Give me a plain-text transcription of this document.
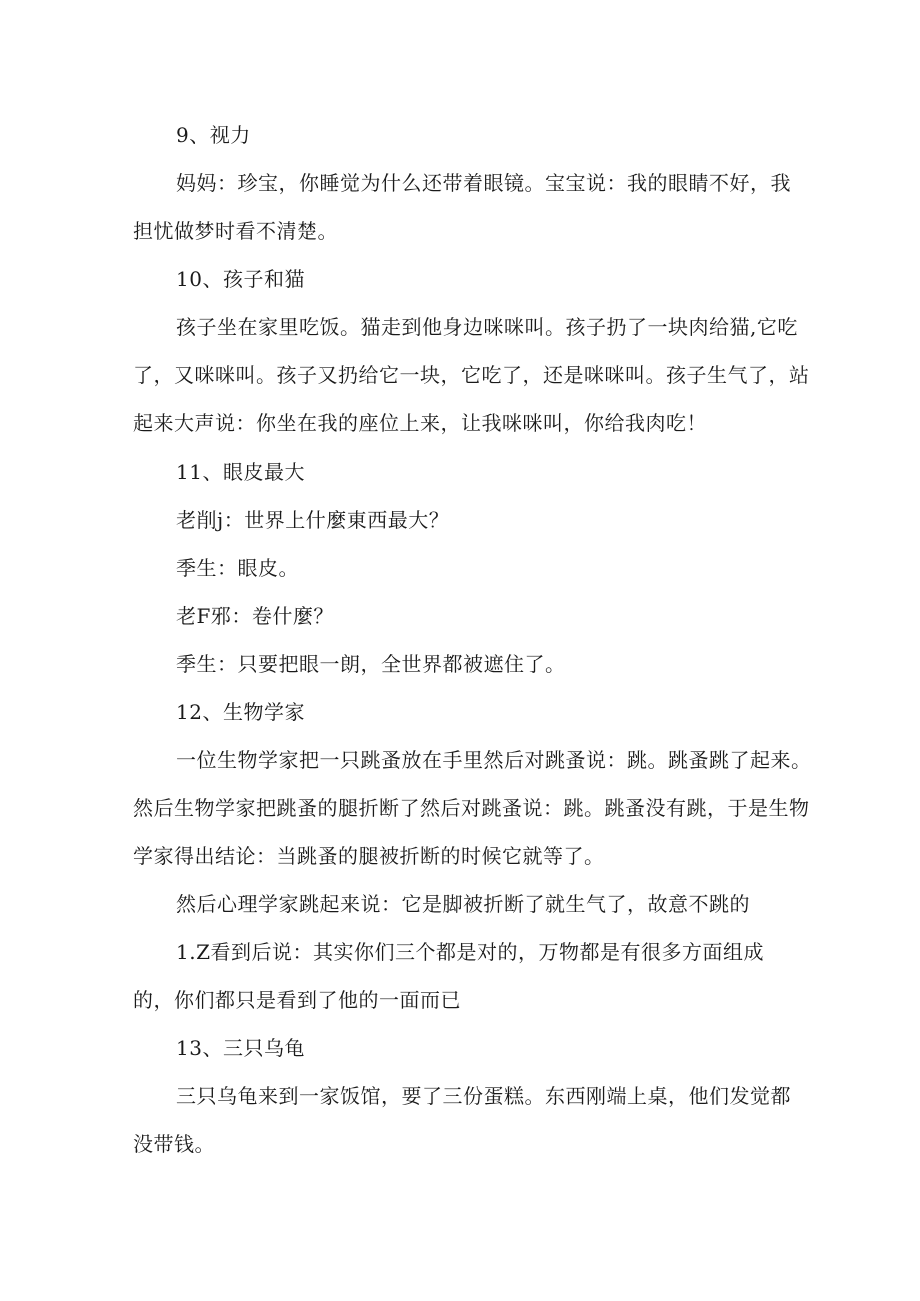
9、视力
妈妈：珍宝，你睡觉为什么还带着眼镜。宝宝说：我的眼睛不好，我
担忧做梦时看不清楚。
10、孩子和猫
孩子坐在家里吃饭。猫走到他身边咪咪叫。孩子扔了一块肉给猫,它吃
了，又咪咪叫。孩子又扔给它一块，它吃了，还是咪咪叫。孩子生气了，站
起来大声说：你坐在我的座位上来，让我咪咪叫，你给我肉吃！
11、眼皮最大
老削j：世界上什麼東西最大？
季生：眼皮。
老F邪：卷什麼？
季生：只要把眼一朗，全世界都被遮住了。
12、生物学家
一位生物学家把一只跳蚤放在手里然后对跳蚤说：跳。跳蚤跳了起来。
然后生物学家把跳蚤的腿折断了然后对跳蚤说：跳。跳蚤没有跳，于是生物
学家得出结论：当跳蚤的腿被折断的时候它就等了。
然后心理学家跳起来说：它是脚被折断了就生气了，故意不跳的
1.Z看到后说：其实你们三个都是对的，万物都是有很多方面组成
的，你们都只是看到了他的一面而已
13、三只乌龟
三只乌龟来到一家饭馆，要了三份蛋糕。东西刚端上桌，他们发觉都
没带钱。
